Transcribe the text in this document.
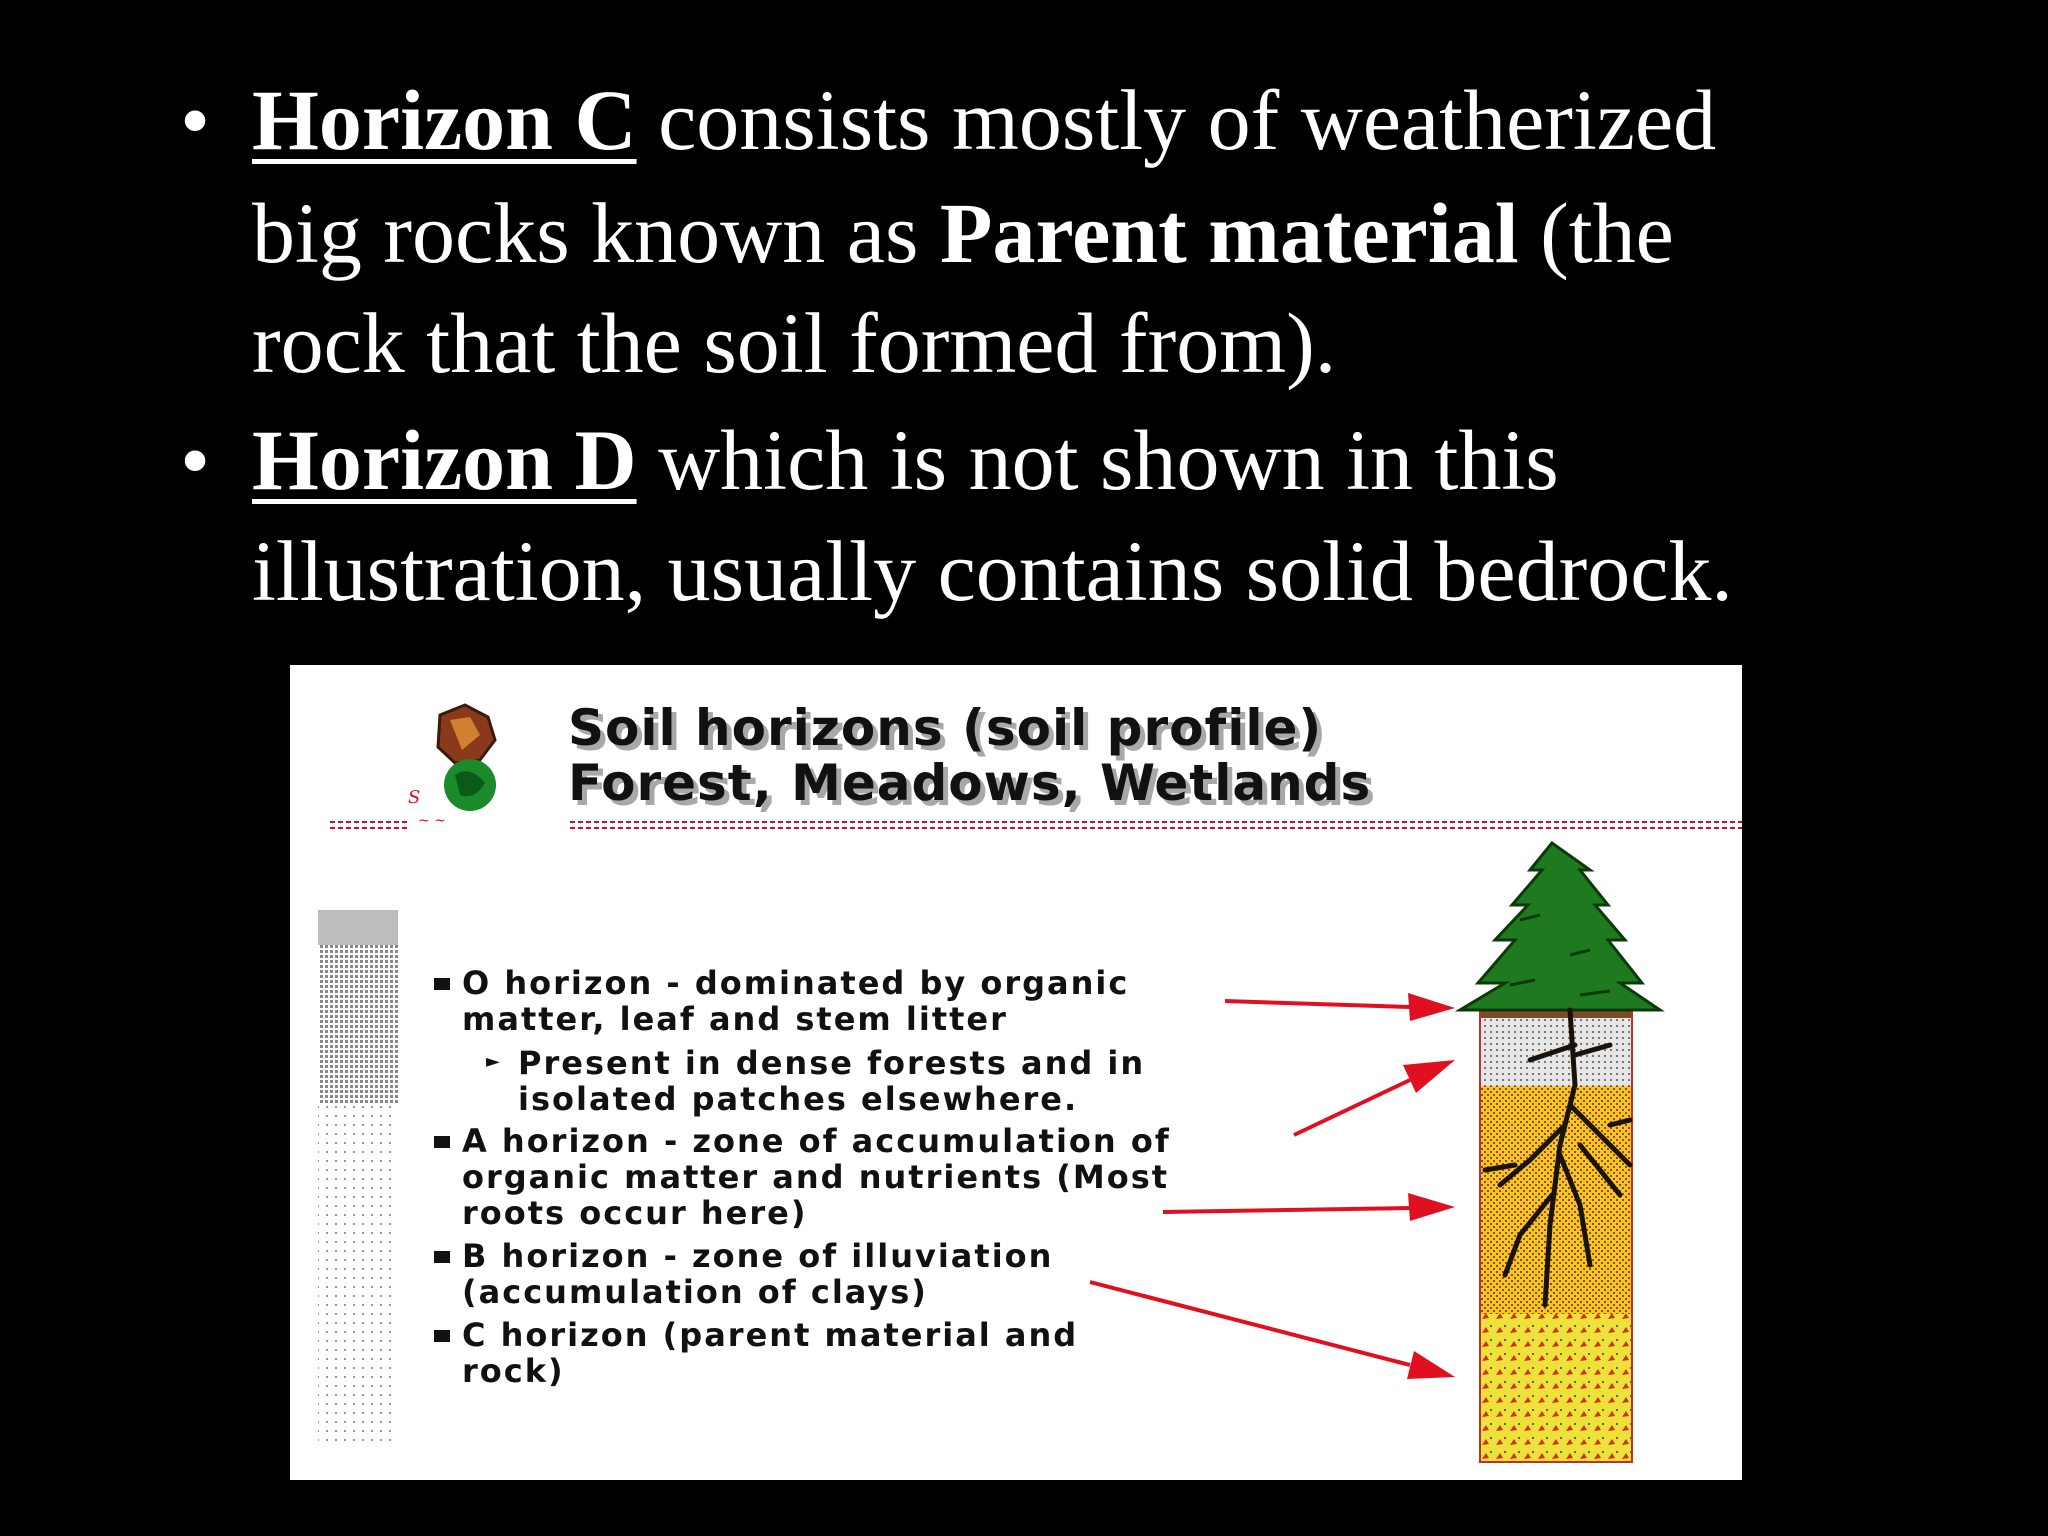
• Horizon C consists mostly of weatherized
big rocks known as Parent material (the
rock that the soil formed from).
• Horizon D which is not shown in this
illustration, usually contains solid bedrock.
S
~ ~
Soil horizons (soil profile)
Forest, Meadows, Wetlands
O horizon - dominated by organic
matter, leaf and stem litter
► Present in dense forests and in
isolated patches elsewhere.
A horizon - zone of accumulation of
organic matter and nutrients (Most
roots occur here)
B horizon - zone of illuviation
(accumulation of clays)
C horizon (parent material and
rock)
